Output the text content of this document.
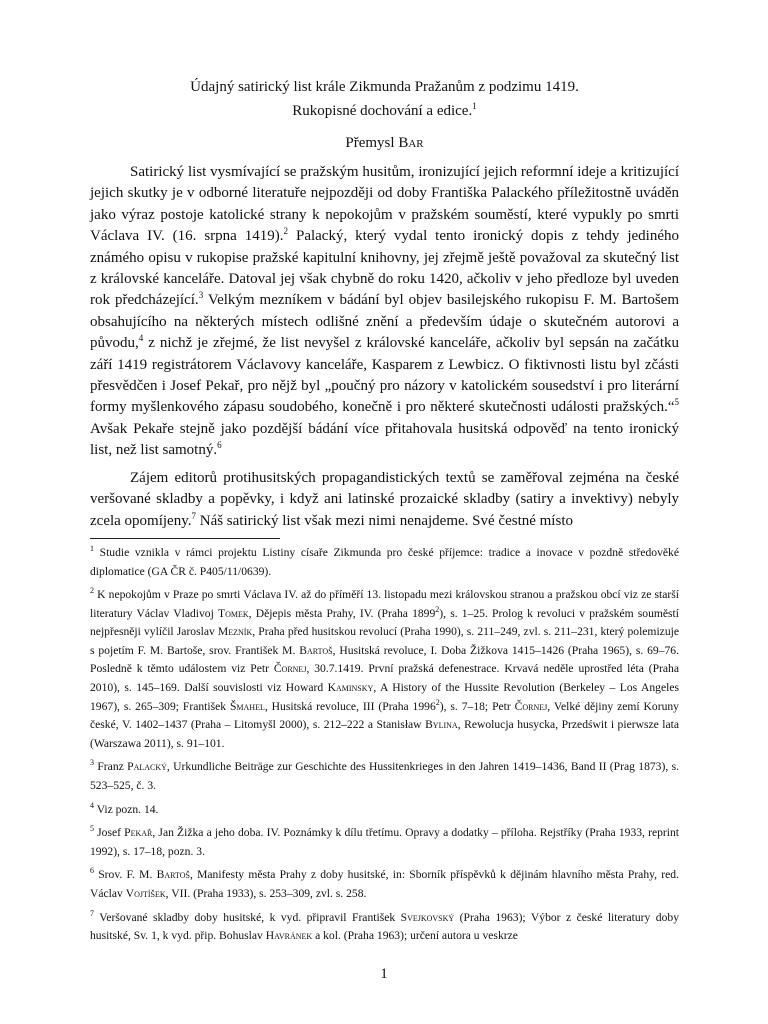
Údajný satirický list krále Zikmunda Pražanům z podzimu 1419.
Rukopisné dochování a edice.$^1$
Přemysl Bar

Satirický list vysmívající se pražským husitům, ironizující jejich reformní ideje a kritizující jejich skutky je v odborné literatuře nejpozději od doby Františka Palackého příležitostně uváděn jako výraz postoje katolické strany k nepokojům v pražském souměstí, které vypukly po smrti Václava IV. (16. srpna 1419).$^2$ Palacký, který vydal tento ironický dopis z tehdy jediného známého opisu v rukopise pražské kapitulní knihovny, jej zřejmě ještě považoval za skutečný list z královské kanceláře. Datoval jej však chybně do roku 1420, ačkoliv v jeho předloze byl uveden rok předcházející.$^3$ Velkým mezníkem v bádání byl objev basilejského rukopisu F. M. Bartošem obsahujícího na některých místech odlišné znění a především údaje o skutečném autorovi a původu,$^4$ z nichž je zřejmé, že list nevyšel z královské kanceláře, ačkoliv byl sepsán na začátku září 1419 registrátorem Václavovy kanceláře, Kasparem z Lewbicz. O fiktivnosti listu byl zčásti přesvědčen i Josef Pekař, pro nějž byl „poučný pro názory v katolickém sousedství i pro literární formy myšlenkového zápasu soudobého, konečně i pro některé skutečnosti události pražských.“$^5$ Avšak Pekaře stejně jako pozdější bádání více přitahovala husitská odpověď na tento ironický list, než list samotný.$^6$

Zájem editorů protihusitských propagandistických textů se zaměřoval zejména na české veršované skladby a popěvky, i když ani latinské prozaické skladby (satiry a invektivy) nebyly zcela opomíjeny.$^7$ Náš satirický list však mezi nimi nenajdeme. Své čestné místo

$^1$ Studie vznikla v rámci projektu Listiny císaře Zikmunda pro české příjemce: tradice a inovace v pozdně středověké diplomatice (GA ČR č. P405/11/0639).
$^2$ K nepokojům v Praze po smrti Václava IV. až do příměří 13. listopadu mezi královskou stranou a pražskou obcí viz ze starší literatury Václav Vladivoj Tomek, Dějepis města Prahy, IV. (Praha 1899$^2$), s. 1–25. Prolog k revoluci v pražském souměstí nejpřesněji vylíčil Jaroslav Mezník, Praha před husitskou revolucí (Praha 1990), s. 211–249, zvl. s. 211–231, který polemizuje s pojetím F. M. Bartoše, srov. František M. Bartoš, Husitská revoluce, I. Doba Žižkova 1415–1426 (Praha 1965), s. 69–76. Posledně k těmto událostem viz Petr Čornej, 30.7.1419. První pražská defenestrace. Krvavá neděle uprostřed léta (Praha 2010), s. 145–169. Další souvislosti viz Howard Kaminsky, A History of the Hussite Revolution (Berkeley – Los Angeles 1967), s. 265–309; František Šmahel, Husitská revoluce, III (Praha 1996$^2$), s. 7–18; Petr Čornej, Velké dějiny zemí Koruny české, V. 1402–1437 (Praha – Litomyšl 2000), s. 212–222 a Stanisław Bylina, Rewolucja husycka, Przedświt i pierwsze lata (Warszawa 2011), s. 91–101.
$^3$ Franz Palacký, Urkundliche Beiträge zur Geschichte des Hussitenkrieges in den Jahren 1419–1436, Band II (Prag 1873), s. 523–525, č. 3.
$^4$ Viz pozn. 14.
$^5$ Josef Pekař, Jan Žižka a jeho doba. IV. Poznámky k dílu třetímu. Opravy a dodatky – příloha. Rejstříky (Praha 1933, reprint 1992), s. 17–18, pozn. 3.
$^6$ Srov. F. M. Bartoš, Manifesty města Prahy z doby husitské, in: Sborník příspěvků k dějinám hlavního města Prahy, red. Václav Vojtíšek, VII. (Praha 1933), s. 253–309, zvl. s. 258.
$^7$ Veršované skladby doby husitské, k vyd. připravil František Svejkovský (Praha 1963); Výbor z české literatury doby husitské, Sv. 1, k vyd. přip. Bohuslav Havránek a kol. (Praha 1963); určení autora u veskrze
1
